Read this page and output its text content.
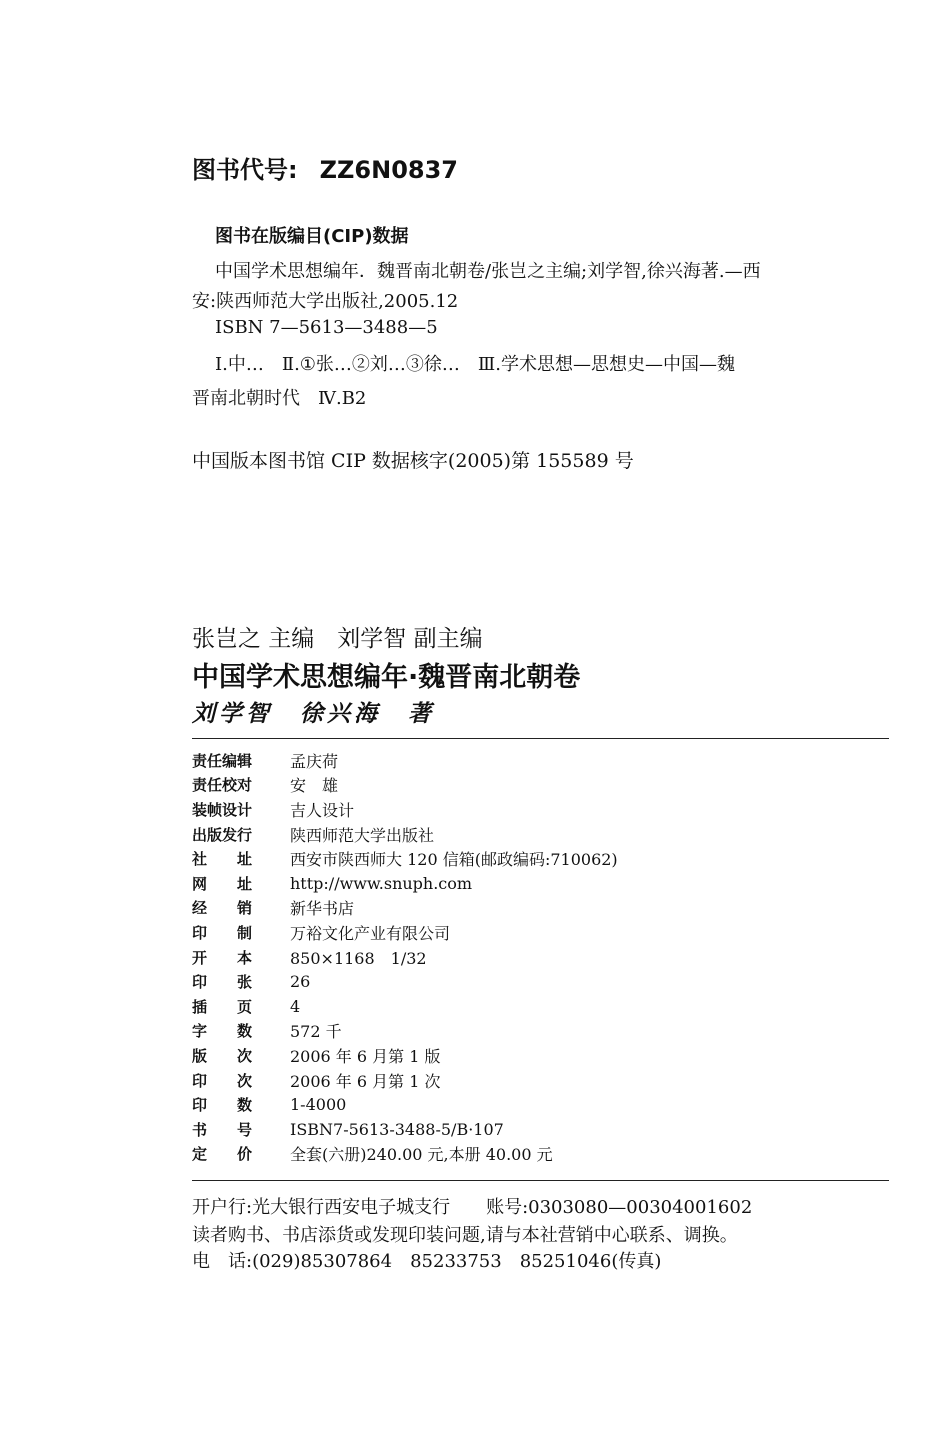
图书代号: ZZ6N0837
图书在版编目(CIP)数据
中国学术思想编年．魏晋南北朝卷/张岂之主编;刘学智,徐兴海著.—西
安:陕西师范大学出版社,2005.12
ISBN 7—5613—3488—5
Ⅰ.中…　Ⅱ.①张…②刘…③徐…　Ⅲ.学术思想—思想史—中国—魏
晋南北朝时代　Ⅳ.B2
中国版本图书馆 CIP 数据核字(2005)第 155589 号
张岂之 主编　刘学智 副主编
中国学术思想编年·魏晋南北朝卷
刘学智　徐兴海　著
责任编辑	孟庆荷
责任校对	安　雄
装帧设计	吉人设计
出版发行	陕西师范大学出版社
社　　址	西安市陕西师大 120 信箱(邮政编码:710062)
网　　址	http://www.snuph.com
经　　销	新华书店
印　　制	万裕文化产业有限公司
开　　本	850×1168　1/32
印　　张	26
插　　页	4
字　　数	572 千
版　　次	2006 年 6 月第 1 版
印　　次	2006 年 6 月第 1 次
印　　数	1-4000
书　　号	ISBN7-5613-3488-5/B·107
定　　价	全套(六册)240.00 元,本册 40.00 元
开户行:光大银行西安电子城支行　　账号:0303080—00304001602
读者购书、书店添货或发现印装问题,请与本社营销中心联系、调换。
电　话:(029)85307864　85233753　85251046(传真)
